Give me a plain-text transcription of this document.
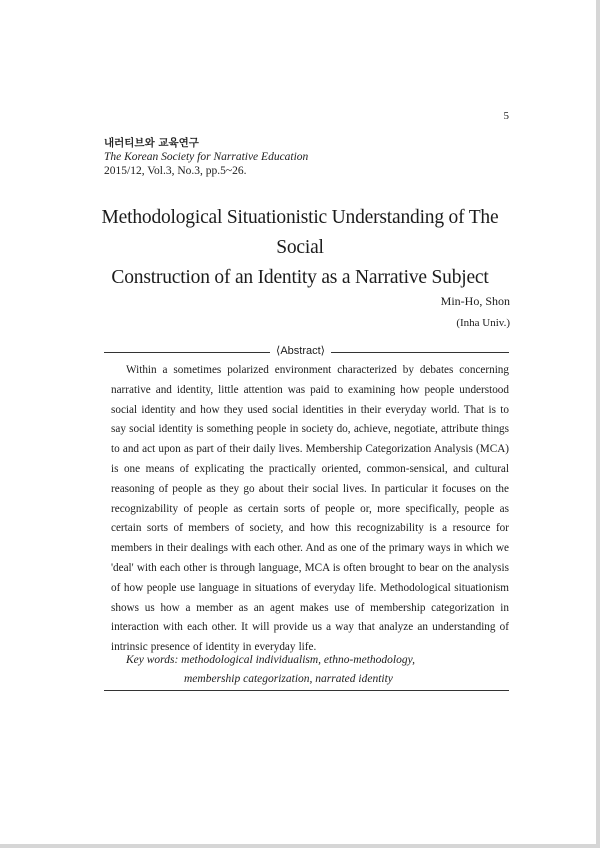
5
내러티브와 교육연구
The Korean Society for Narrative Education
2015/12, Vol.3, No.3, pp.5~26.
Methodological Situationistic Understanding of The Social
Construction of an Identity as a Narrative Subject
Min-Ho, Shon
(Inha Univ.)
⟨Abstract⟩

Within a sometimes polarized environment characterized by debates concerning narrative and identity, little attention was paid to examining how people understood social identity and how they used social identities in their everyday world. That is to say social identity is something people in society do, achieve, negotiate, attribute things to and act upon as part of their daily lives. Membership Categorization Analysis (MCA) is one means of explicating the practically oriented, common-sensical, and cultural reasoning of people as they go about their social lives. In particular it focuses on the recognizability of people as certain sorts of people or, more specifically, people as certain sorts of members of society, and how this recognizability is a resource for members in their dealings with each other. And as one of the primary ways in which we 'deal' with each other is through language, MCA is often brought to bear on the analysis of how people use language in situations of everyday life. Methodological situationism shows us how a member as an agent makes use of membership categorization in interaction with each other. It will provide us a way that analyze an understanding of intrinsic presence of identity in everyday life.

Key words: methodological individualism, ethno-methodology,
membership categorization, narrated identity
